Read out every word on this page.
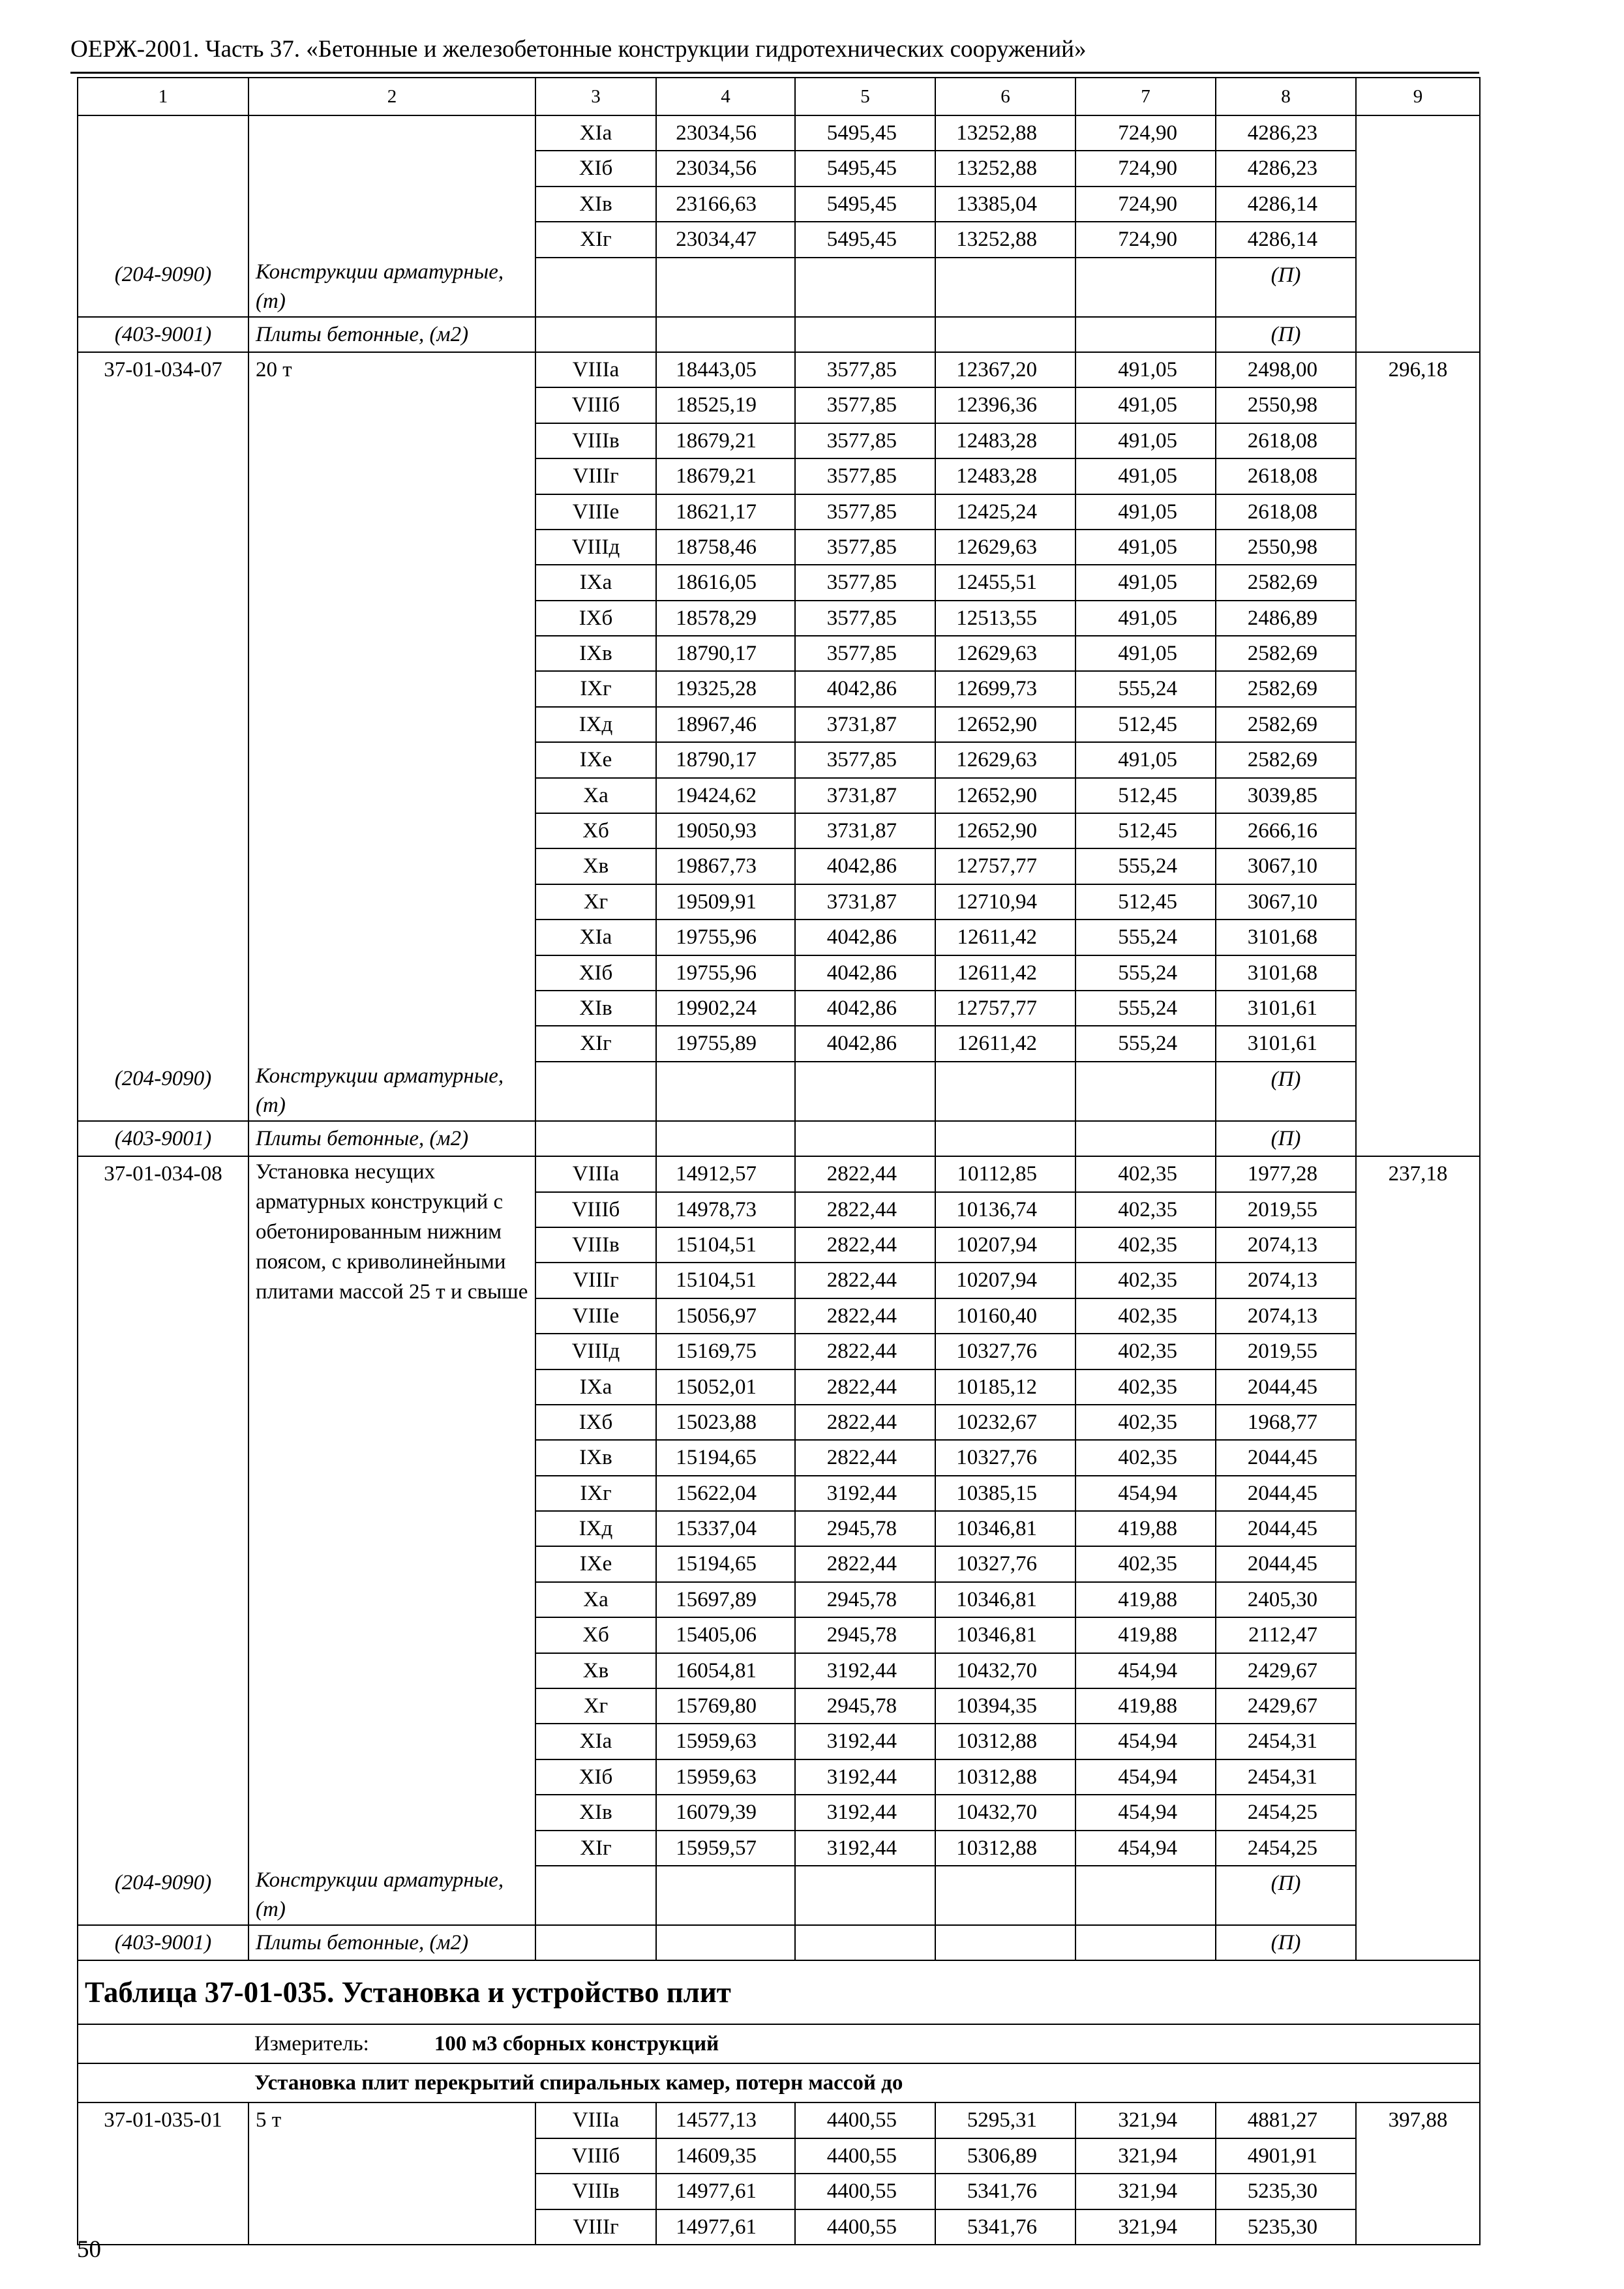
ОЕРЖ-2001. Часть 37. «Бетонные и железобетонные конструкции гидротехнических сооружений»
1	2	3	4	5	6	7	8	9
		XIа	23034,56	5495,45	13252,88	724,90	4286,23	
		XIб	23034,56	5495,45	13252,88	724,90	4286,23	
		XIв	23166,63	5495,45	13385,04	724,90	4286,14	
		XIг	23034,47	5495,45	13252,88	724,90	4286,14	
(204-9090)	Конструкции арматурные, (т)						(П)	

(403-9001)	Плиты бетонные, (м2)						(П)	
37-01-034-07	20 т	VIIIа	18443,05	3577,85	12367,20	491,05	2498,00	296,18
		VIIIб	18525,19	3577,85	12396,36	491,05	2550,98	
		VIIIв	18679,21	3577,85	12483,28	491,05	2618,08	
		VIIIг	18679,21	3577,85	12483,28	491,05	2618,08	
		VIIIе	18621,17	3577,85	12425,24	491,05	2618,08	
		VIIIд	18758,46	3577,85	12629,63	491,05	2550,98	
		IXа	18616,05	3577,85	12455,51	491,05	2582,69	
		IXб	18578,29	3577,85	12513,55	491,05	2486,89	
		IXв	18790,17	3577,85	12629,63	491,05	2582,69	
		IXг	19325,28	4042,86	12699,73	555,24	2582,69	
		IXд	18967,46	3731,87	12652,90	512,45	2582,69	
		IXе	18790,17	3577,85	12629,63	491,05	2582,69	
		Xа	19424,62	3731,87	12652,90	512,45	3039,85	
		Xб	19050,93	3731,87	12652,90	512,45	2666,16	
		Xв	19867,73	4042,86	12757,77	555,24	3067,10	
		Xг	19509,91	3731,87	12710,94	512,45	3067,10	
		XIа	19755,96	4042,86	12611,42	555,24	3101,68	
		XIб	19755,96	4042,86	12611,42	555,24	3101,68	
		XIв	19902,24	4042,86	12757,77	555,24	3101,61	
		XIг	19755,89	4042,86	12611,42	555,24	3101,61	
(204-9090)	Конструкции арматурные, (т)						(П)	

(403-9001)	Плиты бетонные, (м2)						(П)	
37-01-034-08	Установка несущих арматурных конструкций с обетонированным нижним поясом, с криволинейными плитами массой 25 т и свыше	VIIIа	14912,57	2822,44	10112,85	402,35	1977,28	237,18
		VIIIб	14978,73	2822,44	10136,74	402,35	2019,55	
		VIIIв	15104,51	2822,44	10207,94	402,35	2074,13	
		VIIIг	15104,51	2822,44	10207,94	402,35	2074,13	
		VIIIе	15056,97	2822,44	10160,40	402,35	2074,13	
		VIIIд	15169,75	2822,44	10327,76	402,35	2019,55	
		IXа	15052,01	2822,44	10185,12	402,35	2044,45	
		IXб	15023,88	2822,44	10232,67	402,35	1968,77	
		IXв	15194,65	2822,44	10327,76	402,35	2044,45	
		IXг	15622,04	3192,44	10385,15	454,94	2044,45	
		IXд	15337,04	2945,78	10346,81	419,88	2044,45	
		IXе	15194,65	2822,44	10327,76	402,35	2044,45	
		Xа	15697,89	2945,78	10346,81	419,88	2405,30	
		Xб	15405,06	2945,78	10346,81	419,88	2112,47	
		Xв	16054,81	3192,44	10432,70	454,94	2429,67	
		Xг	15769,80	2945,78	10394,35	419,88	2429,67	
		XIа	15959,63	3192,44	10312,88	454,94	2454,31	
		XIб	15959,63	3192,44	10312,88	454,94	2454,31	
		XIв	16079,39	3192,44	10432,70	454,94	2454,25	
		XIг	15959,57	3192,44	10312,88	454,94	2454,25	
(204-9090)	Конструкции арматурные, (т)						(П)	

(403-9001)	Плиты бетонные, (м2)						(П)	
Таблица 37-01-035. Установка и устройство плит								
Измеритель: 100 м3 сборных конструкций								
Установка плит перекрытий спиральных камер, потерн массой до								
37-01-035-01	5 т	VIIIа	14577,13	4400,55	5295,31	321,94	4881,27	397,88
		VIIIб	14609,35	4400,55	5306,89	321,94	4901,91	
		VIIIв	14977,61	4400,55	5341,76	321,94	5235,30	
		VIIIг	14977,61	4400,55	5341,76	321,94	5235,30	
50
